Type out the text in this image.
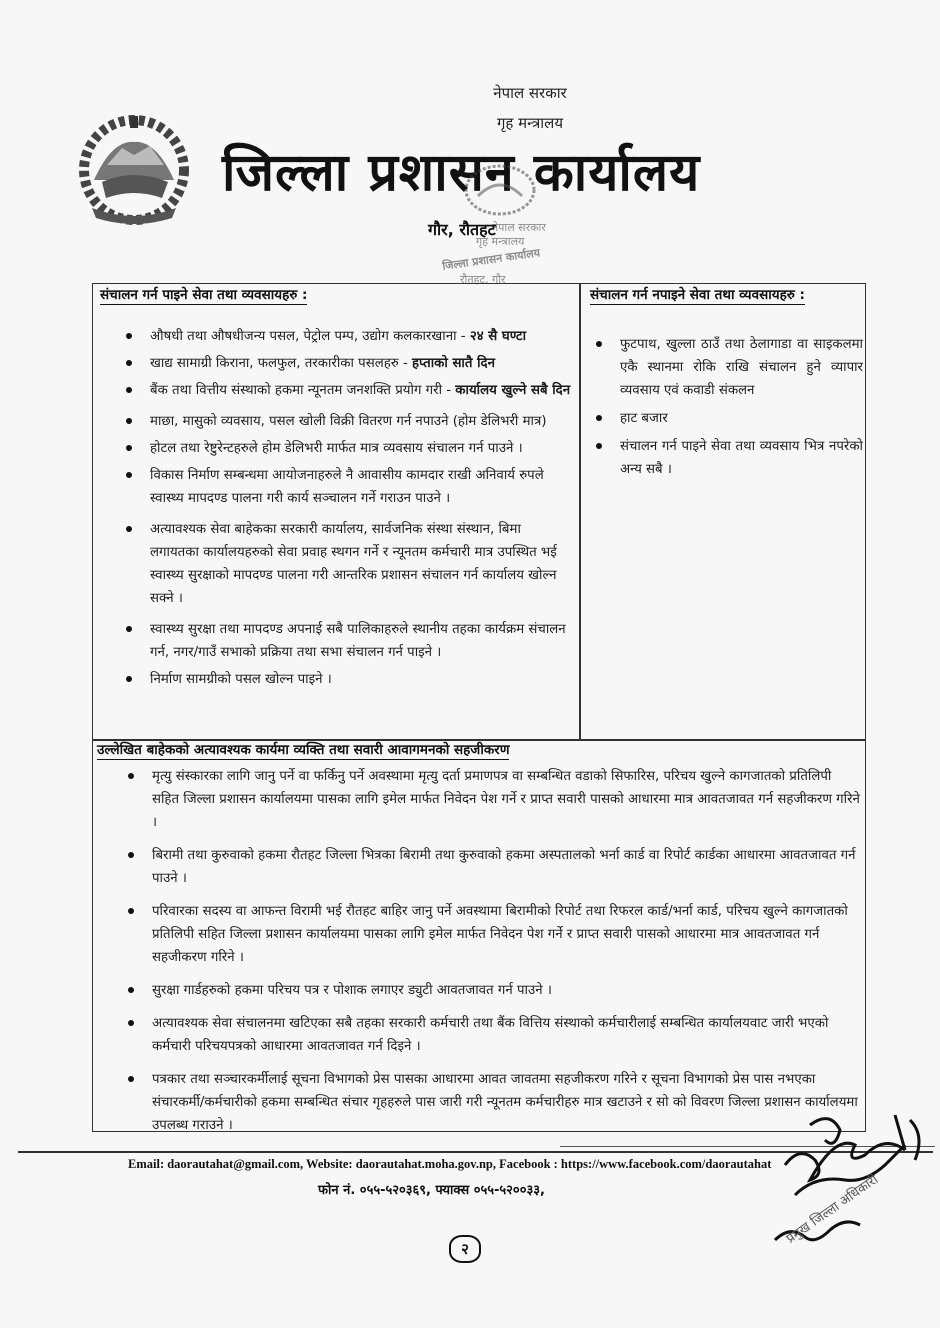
नेपाल सरकार
गृह मन्त्रालय
जिल्ला प्रशासन कार्यालय
गौर, रौतहट
नेपाल सरकार
गृह मन्त्रालय
जिल्ला प्रशासन कार्यालय
रौतहट, गौर
संचालन गर्न पाइने सेवा तथा व्यवसायहरु :
औषधी तथा औषधीजन्य पसल, पेट्रोल पम्प, उद्योग कलकारखाना - २४ सै घण्टा
खाद्य सामाग्री किराना, फलफुल, तरकारीका पसलहरु - हप्ताको सातै दिन
बैंक तथा वित्तीय संस्थाको हकमा न्यूनतम जनशक्ति प्रयोग गरी - कार्यालय खुल्ने सबै दिन
माछा, मासुको व्यवसाय, पसल खोली विक्री वितरण गर्न नपाउने (होम डेलिभरी मात्र)
होटल तथा रेष्टुरेन्टहरुले होम डेलिभरी मार्फत मात्र व्यवसाय संचालन गर्न पाउने ।
विकास निर्माण सम्बन्धमा आयोजनाहरुले नै आवासीय कामदार राखी अनिवार्य रुपले स्वास्थ्य मापदण्ड पालना गरी कार्य सञ्चालन गर्ने गराउन पाउने ।
अत्यावश्यक सेवा बाहेकका सरकारी कार्यालय, सार्वजनिक संस्था संस्थान, बिमा लगायतका कार्यालयहरुको सेवा प्रवाह स्थगन गर्ने र न्यूनतम कर्मचारी मात्र उपस्थित भई स्वास्थ्य सुरक्षाको मापदण्ड पालना गरी आन्तरिक प्रशासन संचालन गर्न कार्यालय खोल्न सक्ने ।
स्वास्थ्य सुरक्षा तथा मापदण्ड अपनाई सबै पालिकाहरुले स्थानीय तहका कार्यक्रम संचालन गर्न, नगर/गाउँ सभाको प्रक्रिया तथा सभा संचालन गर्न पाइने ।
निर्माण सामग्रीको पसल खोल्न पाइने ।
संचालन गर्न नपाइने सेवा तथा व्यवसायहरु :
फुटपाथ, खुल्ला ठाउँ तथा ठेलागाडा वा साइकलमा एकै स्थानमा रोकि राखि संचालन हुने व्यापार व्यवसाय एवं कवाडी संकलन
हाट बजार
संचालन गर्न पाइने सेवा तथा व्यवसाय भित्र नपरेको अन्य सबै ।
उल्लेखित बाहेकको अत्यावश्यक कार्यमा व्यक्ति तथा सवारी आवागमनको सहजीकरण
मृत्यु संस्कारका लागि जानु पर्ने वा फर्किनु पर्ने अवस्थामा मृत्यु दर्ता प्रमाणपत्र वा सम्बन्धित वडाको सिफारिस, परिचय खुल्ने कागजातको प्रतिलिपी सहित जिल्ला प्रशासन कार्यालयमा पासका लागि इमेल मार्फत निवेदन पेश गर्ने र प्राप्त सवारी पासको आधारमा मात्र आवतजावत गर्न सहजीकरण गरिने ।
बिरामी तथा कुरुवाको हकमा रौतहट जिल्ला भित्रका बिरामी तथा कुरुवाको हकमा अस्पतालको भर्ना कार्ड वा रिपोर्ट कार्डका आधारमा आवतजावत गर्न पाउने ।
परिवारका सदस्य वा आफन्त विरामी भई रौतहट बाहिर जानु पर्ने अवस्थामा बिरामीको रिपोर्ट तथा रिफरल कार्ड/भर्ना कार्ड, परिचय खुल्ने कागजातको प्रतिलिपी सहित जिल्ला प्रशासन कार्यालयमा पासका लागि इमेल मार्फत निवेदन पेश गर्ने र प्राप्त सवारी पासको आधारमा मात्र आवतजावत गर्न सहजीकरण गरिने ।
सुरक्षा गार्डहरुको हकमा परिचय पत्र र पोशाक लगाएर ड्युटी आवतजावत गर्न पाउने ।
अत्यावश्यक सेवा संचालनमा खटिएका सबै तहका सरकारी कर्मचारी तथा बैंक वित्तिय संस्थाको कर्मचारीलाई सम्बन्धित कार्यालयवाट जारी भएको कर्मचारी परिचयपत्रको आधारमा आवतजावत गर्न दिइने ।
पत्रकार तथा सञ्चारकर्मीलाई सूचना विभागको प्रेस पासका आधारमा आवत जावतमा सहजीकरण गरिने र सूचना विभागको प्रेस पास नभएका संचारकर्मी/कर्मचारीको हकमा सम्बन्धित संचार गृहहरुले पास जारी गरी न्यूनतम कर्मचारीहरु मात्र खटाउने र सो को विवरण जिल्ला प्रशासन कार्यालयमा उपलब्ध गराउने ।
Email: daorautahat@gmail.com, Website: daorautahat.moha.gov.np, Facebook : https://www.facebook.com/daorautahat
फोन नं. ०५५-५२०३६९, फ्याक्स ०५५-५२००३३,
२
प्रमुख जिल्ला अधिकारी
